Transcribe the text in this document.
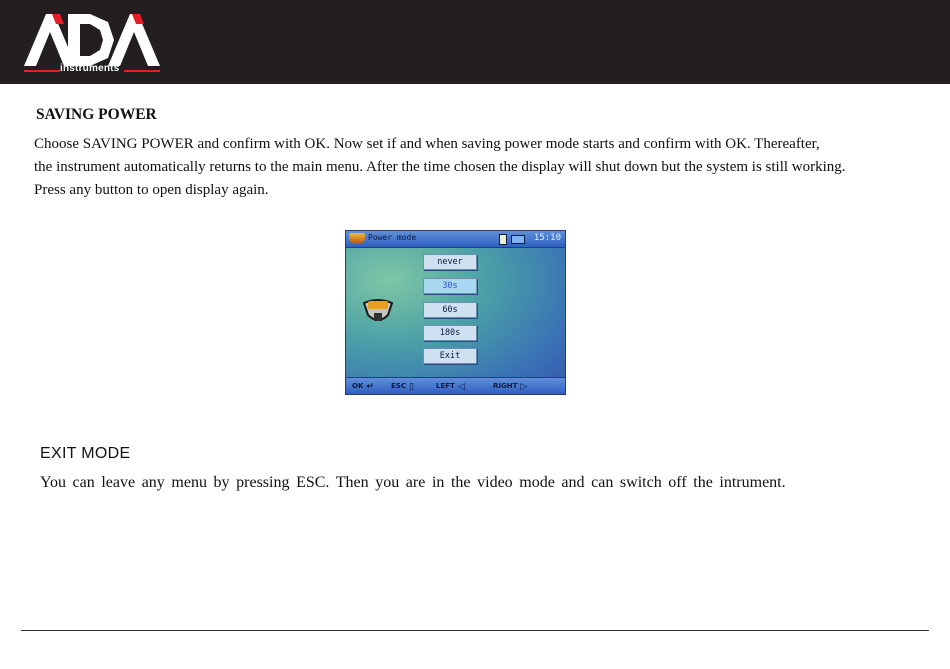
instruments
SAVING POWER
Choose SAVING POWER and confirm with OK. Now set if and when saving power mode starts and confirm with OK. Thereafter,
the instrument automatically returns to the main menu. After the time chosen the display will shut down but the system is still working.
Press any button to open display again.
Power mode	15:10
never
30s
60s
180s
Exit
OK ↵ ESC ▯	LEFT ◁	RIGHT ▷
EXIT MODE
You can leave any menu by pressing ESC. Then you are in the video mode and can switch off the intrument.
